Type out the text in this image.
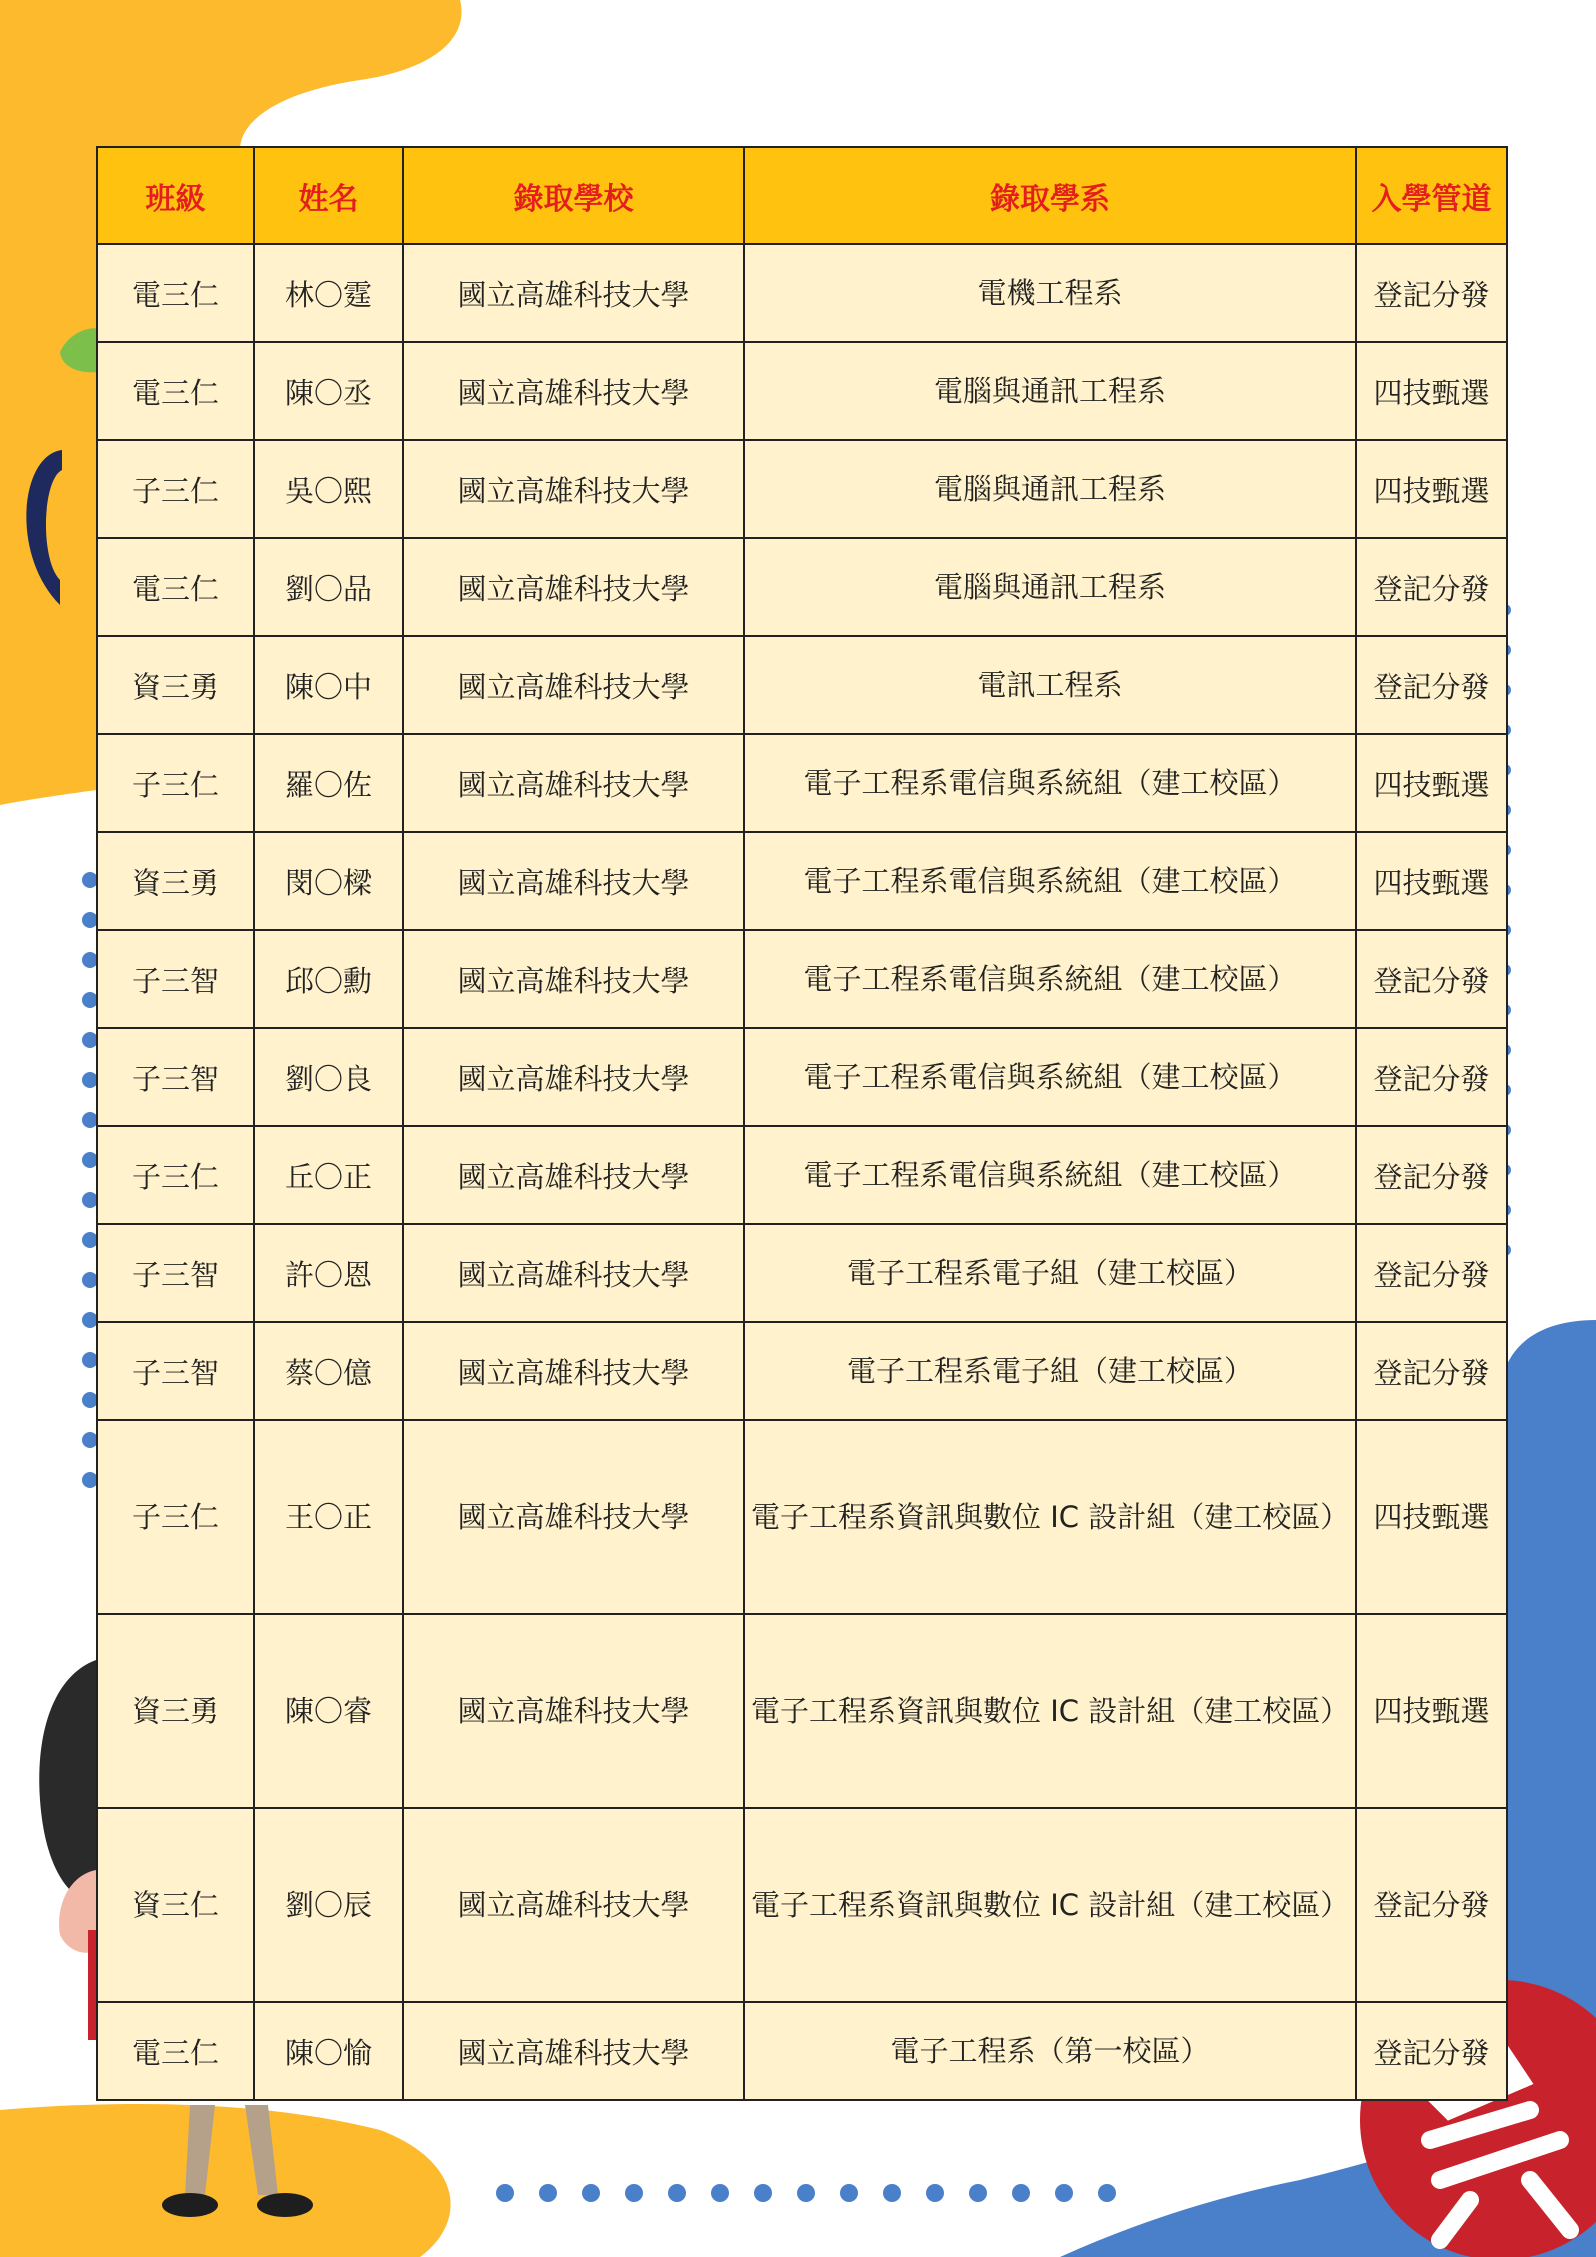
班級	姓名	錄取學校	錄取學系	入學管道
電三仁	林〇霆	國立高雄科技大學	電機工程系	登記分發
電三仁	陳〇丞	國立高雄科技大學	電腦與通訊工程系	四技甄選
子三仁	吳〇熙	國立高雄科技大學	電腦與通訊工程系	四技甄選
電三仁	劉〇品	國立高雄科技大學	電腦與通訊工程系	登記分發
資三勇	陳〇中	國立高雄科技大學	電訊工程系	登記分發
子三仁	羅〇佐	國立高雄科技大學	電子工程系電信與系統組（建工校區）	四技甄選
資三勇	閔〇樑	國立高雄科技大學	電子工程系電信與系統組（建工校區）	四技甄選
子三智	邱〇勳	國立高雄科技大學	電子工程系電信與系統組（建工校區）	登記分發
子三智	劉〇良	國立高雄科技大學	電子工程系電信與系統組（建工校區）	登記分發
子三仁	丘〇正	國立高雄科技大學	電子工程系電信與系統組（建工校區）	登記分發
子三智	許〇恩	國立高雄科技大學	電子工程系電子組（建工校區）	登記分發
子三智	蔡〇億	國立高雄科技大學	電子工程系電子組（建工校區）	登記分發
子三仁	王〇正	國立高雄科技大學	電子工程系資訊與數位 IC 設計組（建工校區）	四技甄選
資三勇	陳〇睿	國立高雄科技大學	電子工程系資訊與數位 IC 設計組（建工校區）	四技甄選
資三仁	劉〇辰	國立高雄科技大學	電子工程系資訊與數位 IC 設計組（建工校區）	登記分發
電三仁	陳〇愉	國立高雄科技大學	電子工程系（第一校區）	登記分發
